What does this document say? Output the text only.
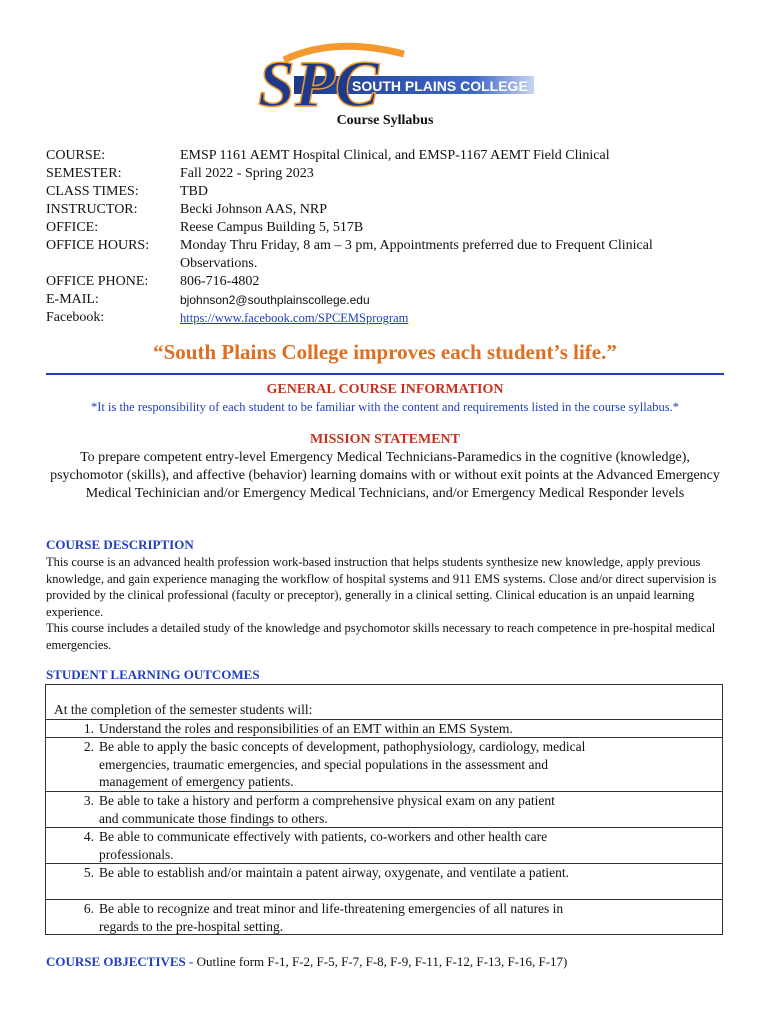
SPC
SOUTH PLAINS COLLEGE
Course Syllabus
COURSE:	EMSP 1161 AEMT Hospital Clinical, and EMSP-1167 AEMT Field Clinical
SEMESTER:	Fall 2022 - Spring 2023
CLASS TIMES:	TBD
INSTRUCTOR:	Becki Johnson AAS, NRP
OFFICE:	Reese Campus Building 5, 517B
OFFICE HOURS:	Monday Thru Friday, 8 am – 3 pm, Appointments preferred due to Frequent Clinical Observations.
OFFICE PHONE:	806-716-4802
E-MAIL:	bjohnson2@southplainscollege.edu
Facebook:	https://www.facebook.com/SPCEMSprogram
“South Plains College improves each student’s life.”
GENERAL COURSE INFORMATION
*It is the responsibility of each student to be familiar with the content and requirements listed in the course syllabus.*
MISSION STATEMENT
To prepare competent entry-level Emergency Medical Technicians-Paramedics in the cognitive (knowledge), psychomotor (skills), and affective (behavior) learning domains with or without exit points at the Advanced Emergency Medical Techinician and/or Emergency Medical Technicians, and/or Emergency Medical Responder levels
COURSE DESCRIPTION
This course is an advanced health profession work-based instruction that helps students synthesize new knowledge, apply previous knowledge, and gain experience managing the workflow of hospital systems and 911 EMS systems. Close and/or direct supervision is provided by the clinical professional (faculty or preceptor), generally in a clinical setting. Clinical education is an unpaid learning experience.
This course includes a detailed study of the knowledge and psychomotor skills necessary to reach competence in pre-hospital medical emergencies.
STUDENT LEARNING OUTCOMES
At the completion of the semester students will:
1. Understand the roles and responsibilities of an EMT within an EMS System.
2. Be able to apply the basic concepts of development, pathophysiology, cardiology, medical emergencies, traumatic emergencies, and special populations in the assessment and management of emergency patients.
3. Be able to take a history and perform a comprehensive physical exam on any patient and communicate those findings to others.
4. Be able to communicate effectively with patients, co-workers and other health care professionals.
5. Be able to establish and/or maintain a patent airway, oxygenate, and ventilate a patient.
6. Be able to recognize and treat minor and life-threatening emergencies of all natures in regards to the pre-hospital setting.
COURSE OBJECTIVES - Outline form F-1, F-2, F-5, F-7, F-8, F-9, F-11, F-12, F-13, F-16, F-17)
